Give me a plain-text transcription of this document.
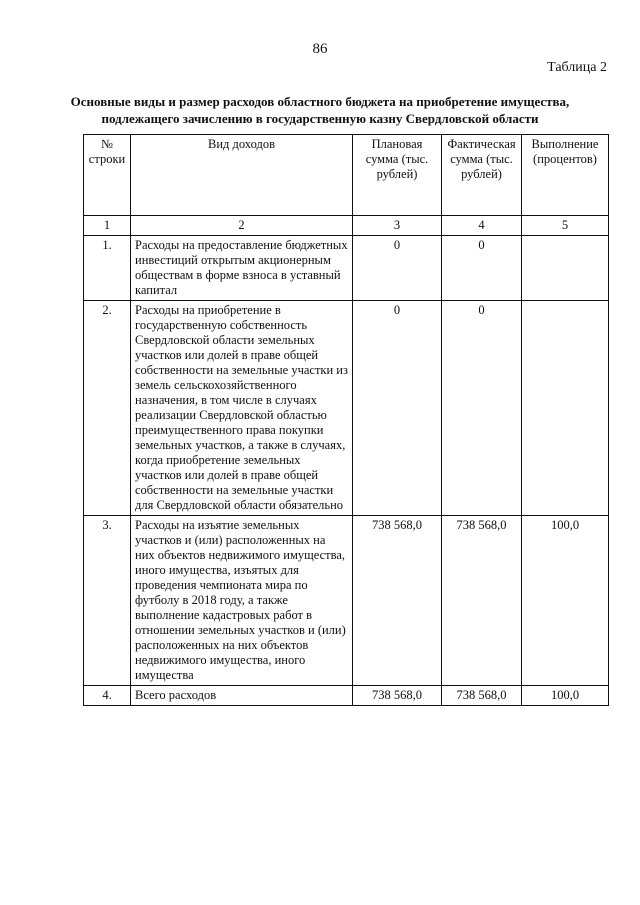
86
Таблица 2
Основные виды и размер расходов областного бюджета на приобретение имущества,
подлежащего зачислению в государственную казну Свердловской области
№ строки	Вид доходов	Плановая сумма (тыс. рублей)	Фактическая сумма (тыс. рублей)	Выполнение (процентов)
1	2	3	4	5
1.	Расходы на предоставление бюджетных инвестиций открытым акционерным обществам в форме взноса в уставный капитал	0	0	
2.	Расходы на приобретение в государственную собственность Свердловской области земельных участков или долей в праве общей собственности на земельные участки из земель сельскохозяйственного назначения, в том числе в случаях реализации Свердловской областью преимущественного права покупки земельных участков, а также в случаях, когда приобретение земельных участков или долей в праве общей собственности на земельные участки для Свердловской области обязательно	0	0	
3.	Расходы на изъятие земельных участков и (или) расположенных на них объектов недвижимого имущества, иного имущества, изъятых для проведения чемпионата мира по футболу в 2018 году, а также выполнение кадастровых работ в отношении земельных участков и (или) расположенных на них объектов недвижимого имущества, иного имущества	738 568,0	738 568,0	100,0
4.	Всего расходов	738 568,0	738 568,0	100,0
